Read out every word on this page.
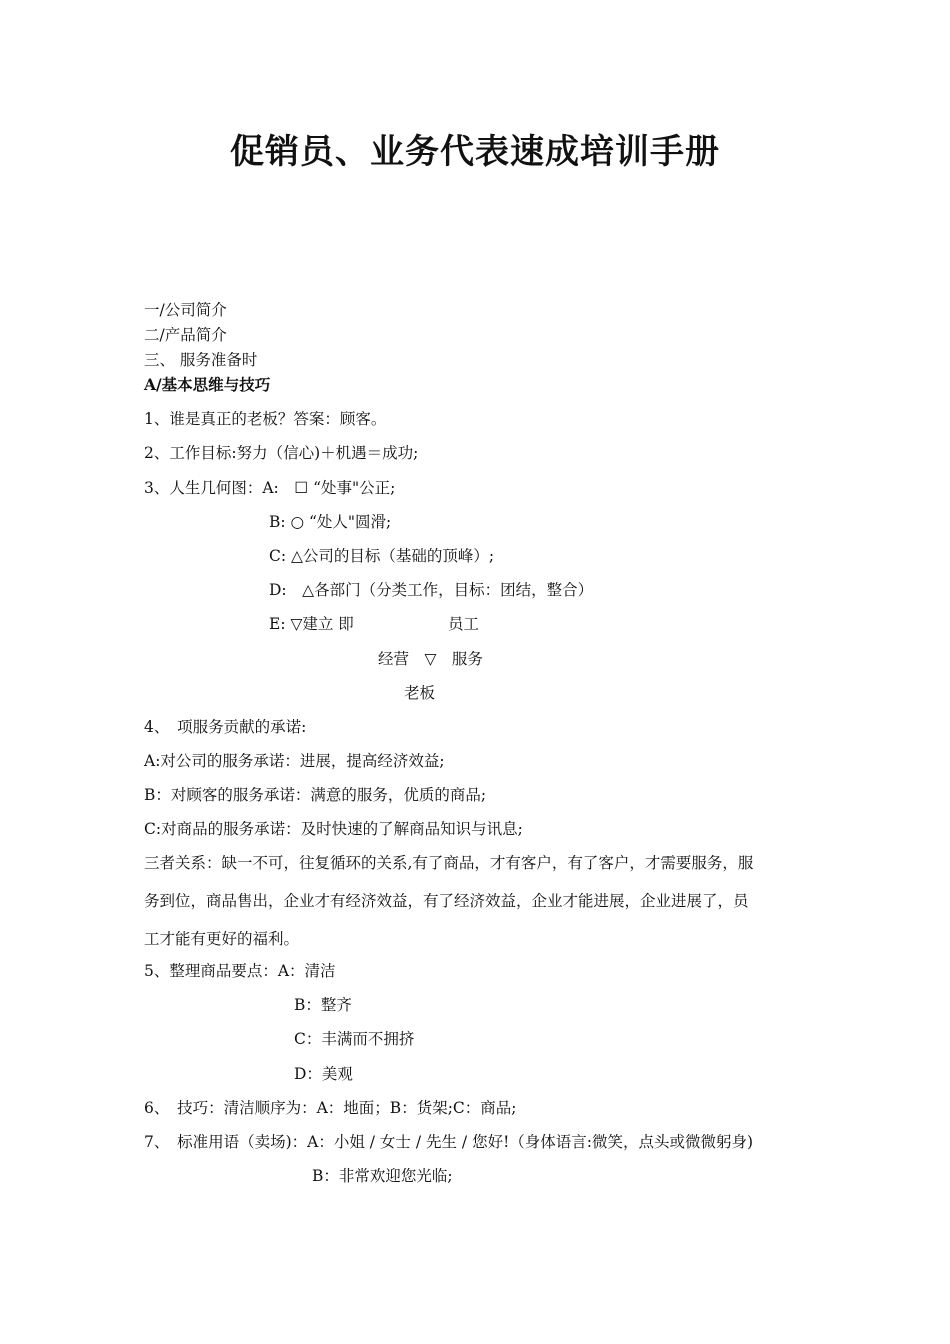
促销员、业务代表速成培训手册

一/公司简介

二/产品简介

三、 服务准备时

A/基本思维与技巧

1、谁是真正的老板？答案：顾客。

2、工作目标:努力（信心)＋机遇＝成功;

3、人生几何图：A:　☐ “处事"公正;

B: ○ “处人"圆滑;

C: △公司的目标（基础的顶峰）;

D:　△各部门（分类工作，目标：团结，整合）

E: ▽建立 即	员工

经营　▽　服务

老板

4、　项服务贡献的承诺:

A:对公司的服务承诺：进展，提高经济效益;

B：对顾客的服务承诺：满意的服务，优质的商品;

C:对商品的服务承诺：及时快速的了解商品知识与讯息;

三者关系：缺一不可，往复循环的关系,有了商品，才有客户，有了客户，才需要服务，服

务到位，商品售出，企业才有经济效益，有了经济效益，企业才能进展，企业进展了，员

工才能有更好的福利。

5、整理商品要点：A：清洁

B：整齐

C：丰满而不拥挤

D：美观

6、　技巧：清洁顺序为：A：地面；B：货架;C：商品;

7、　标准用语（卖场)：A：小姐 / 女士 / 先生 / 您好!（身体语言:微笑，点头或微微躬身)

B：非常欢迎您光临;
